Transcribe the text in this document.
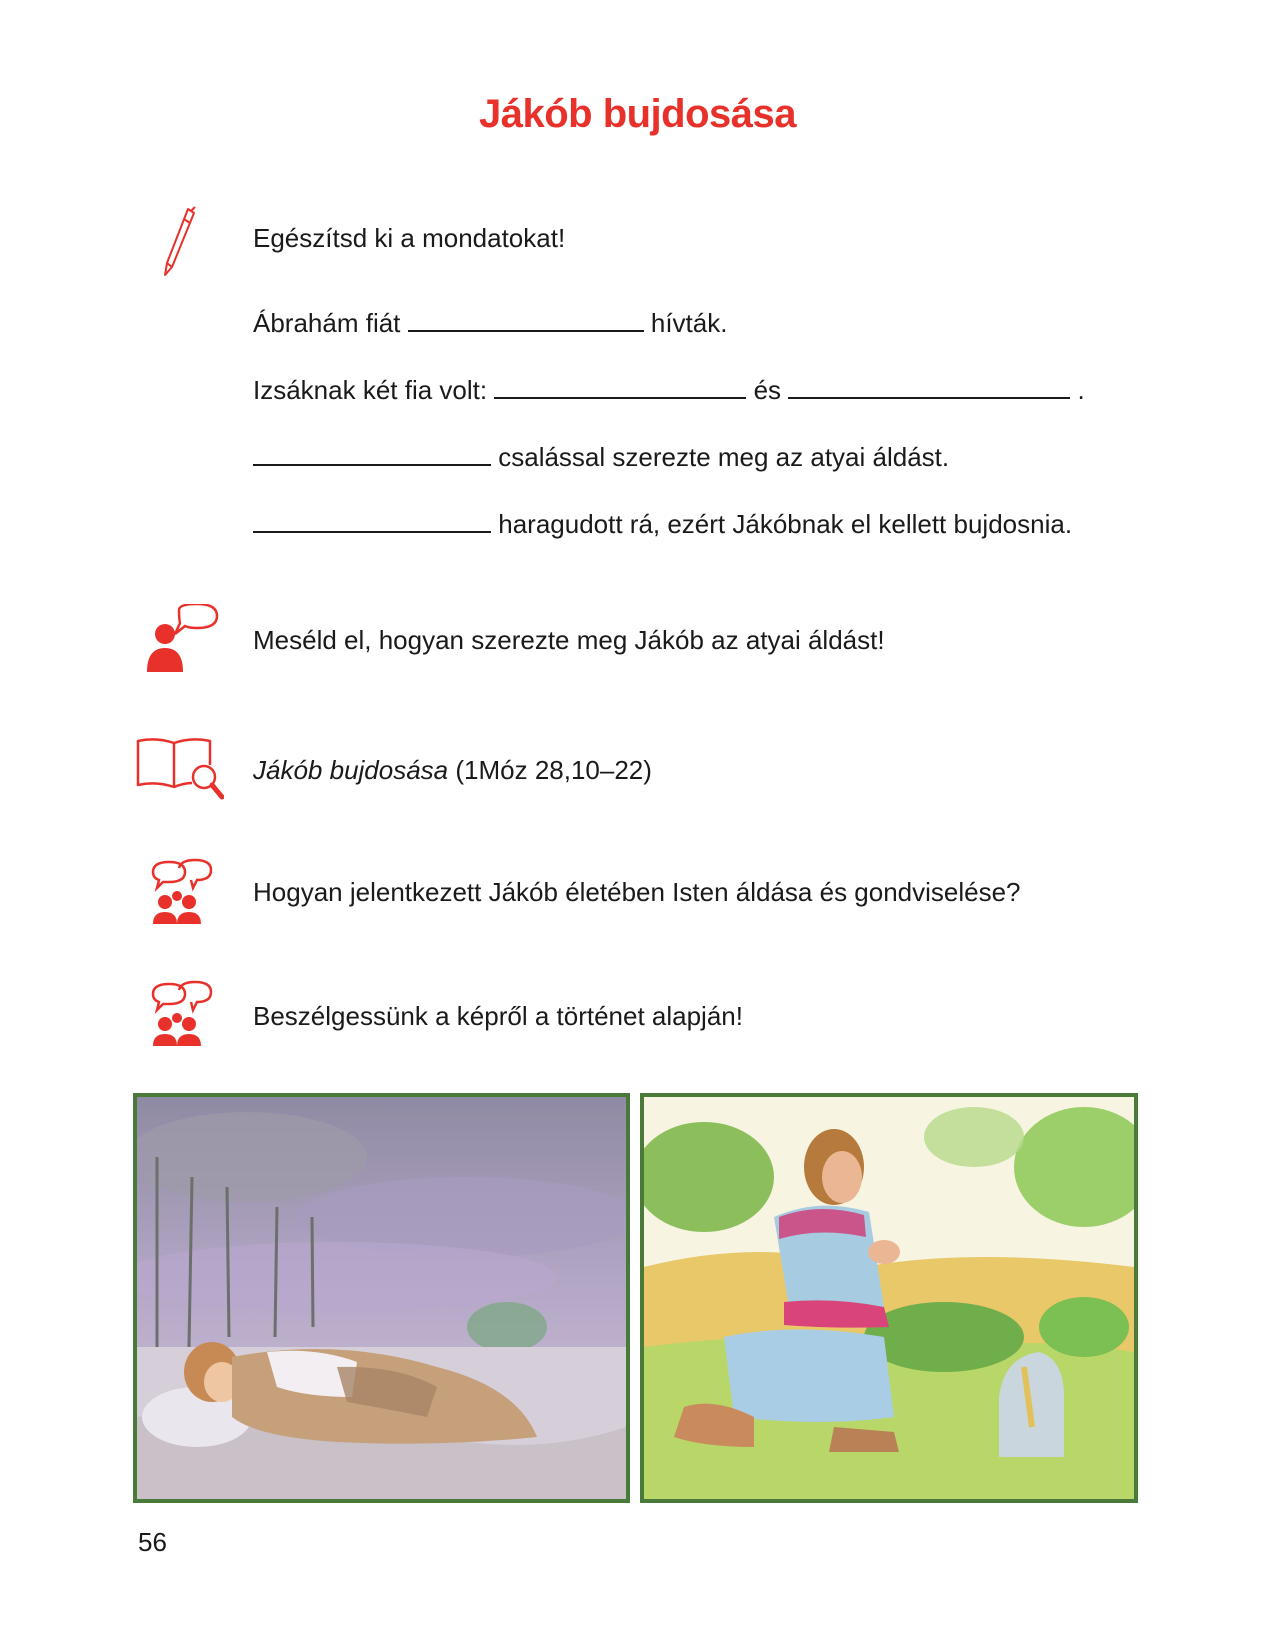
Jákób bujdosása
Egészítsd ki a mondatokat!
Ábrahám fiát	hívták.
Izsáknak két fia volt:	és	.
csalással szerezte meg az atyai áldást.
haragudott rá, ezért Jákóbnak el kellett bujdosnia.
Meséld el, hogyan szerezte meg Jákób az atyai áldást!
Jákób bujdosása (1Móz 28,10–22)
Hogyan jelentkezett Jákób életében Isten áldása és gondviselése?
Beszélgessünk a képről a történet alapján!
56
